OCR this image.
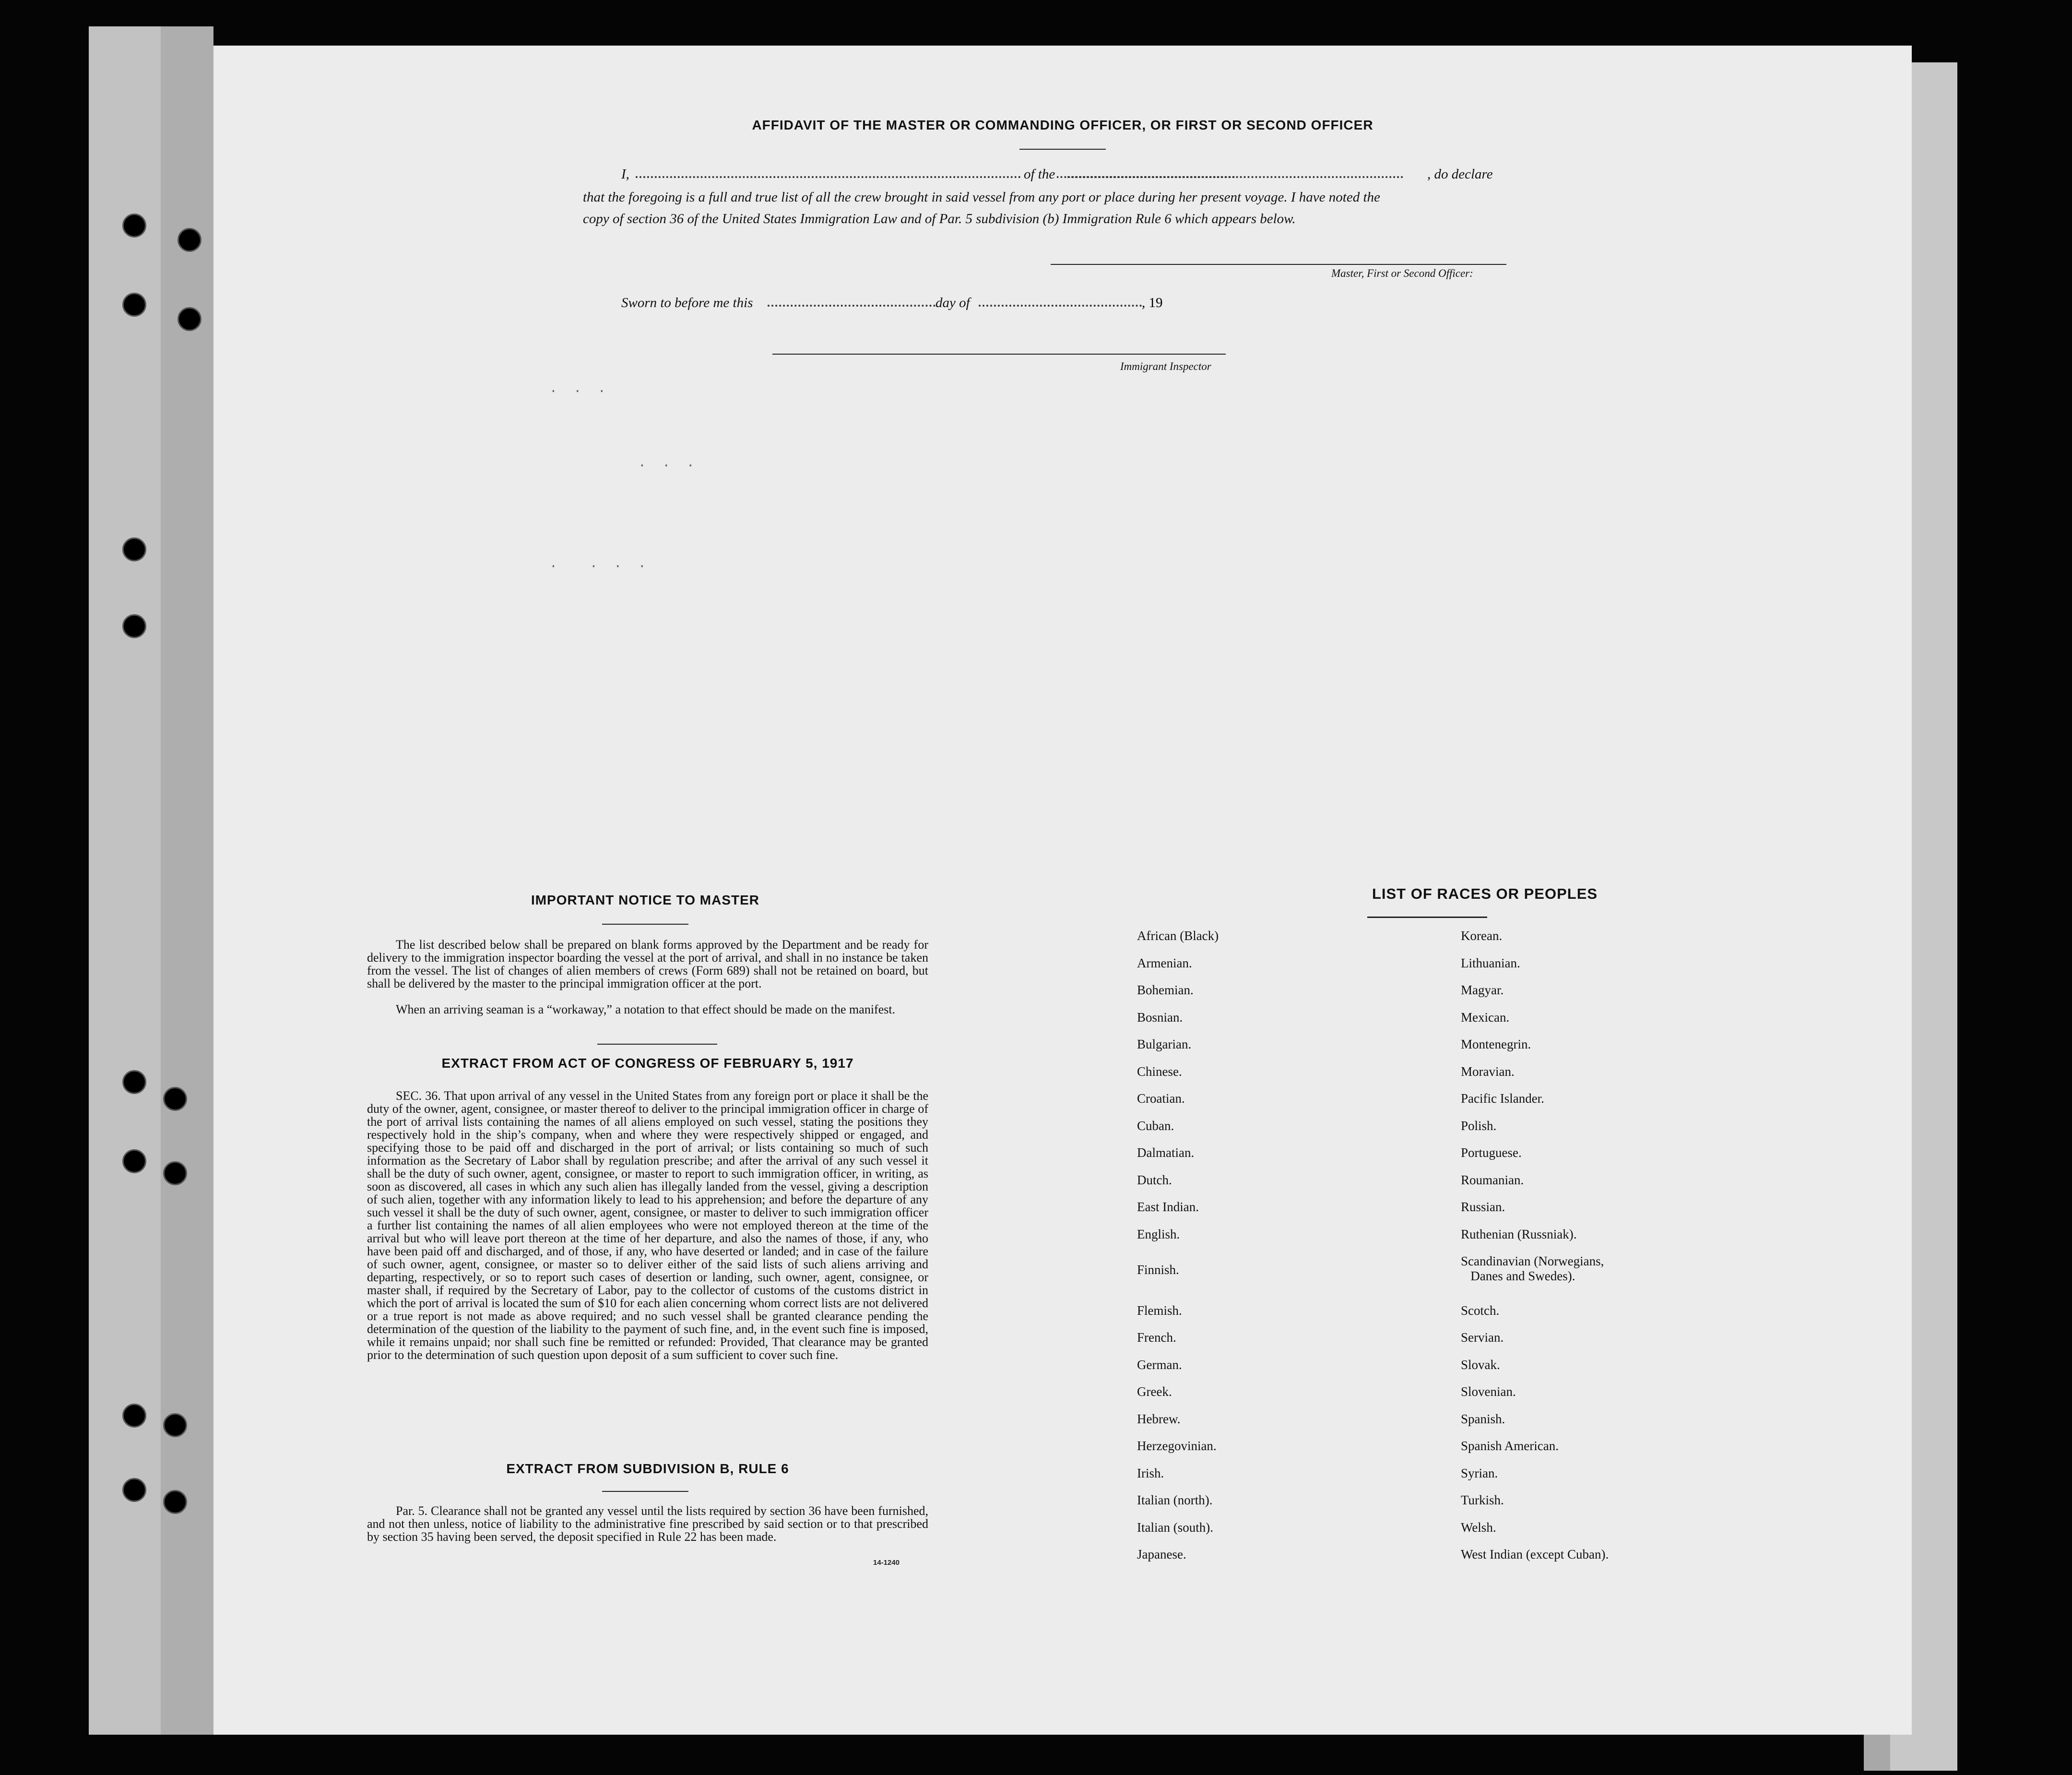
AFFIDAVIT OF THE MASTER OR COMMANDING OFFICER, OR FIRST OR SECOND OFFICER
I,	of the	, do declare
that the foregoing is a full and true list of all the crew brought in said vessel from any port or place during her present voyage. I have noted the
copy of section 36 of the United States Immigration Law and of Par. 5 subdivision (b) Immigration Rule 6 which appears below.
Master, First or Second Officer:
Sworn to before me this	day of	, 19
Immigrant Inspector
.  .  .
.  .  .
.    .  .  .
IMPORTANT NOTICE TO MASTER
The list described below shall be prepared on blank forms approved by the Department and be ready for delivery to the immigration inspector boarding the vessel at the port of arrival, and shall in no instance be taken from the vessel. The list of changes of alien members of crews (Form 689) shall not be retained on board, but shall be delivered by the master to the principal immigration officer at the port.
When an arriving seaman is a “workaway,” a notation to that effect should be made on the manifest.
EXTRACT FROM ACT OF CONGRESS OF FEBRUARY 5, 1917
SEC. 36. That upon arrival of any vessel in the United States from any foreign port or place it shall be the duty of the owner, agent, consignee, or master thereof to deliver to the principal immigration officer in charge of the port of arrival lists containing the names of all aliens employed on such vessel, stating the positions they respectively hold in the ship’s company, when and where they were respectively shipped or engaged, and specifying those to be paid off and discharged in the port of arrival; or lists containing so much of such information as the Secretary of Labor shall by regulation prescribe; and after the arrival of any such vessel it shall be the duty of such owner, agent, consignee, or master to report to such immigration officer, in writing, as soon as discovered, all cases in which any such alien has illegally landed from the vessel, giving a description of such alien, together with any information likely to lead to his apprehension; and before the departure of any such vessel it shall be the duty of such owner, agent, consignee, or master to deliver to such immigration officer a further list containing the names of all alien employees who were not employed thereon at the time of the arrival but who will leave port thereon at the time of her departure, and also the names of those, if any, who have been paid off and discharged, and of those, if any, who have deserted or landed; and in case of the failure of such owner, agent, consignee, or master so to deliver either of the said lists of such aliens arriving and departing, respectively, or so to report such cases of desertion or landing, such owner, agent, consignee, or master shall, if required by the Secretary of Labor, pay to the collector of customs of the customs district in which the port of arrival is located the sum of $10 for each alien concerning whom correct lists are not delivered or a true report is not made as above required; and no such vessel shall be granted clearance pending the determination of the question of the liability to the payment of such fine, and, in the event such fine is imposed, while it remains unpaid; nor shall such fine be remitted or refunded: Provided, That clearance may be granted prior to the determination of such question upon deposit of a sum sufficient to cover such fine.
EXTRACT FROM SUBDIVISION B, RULE 6
Par. 5. Clearance shall not be granted any vessel until the lists required by section 36 have been furnished, and not then unless, notice of liability to the administrative fine prescribed by said section or to that prescribed by section 35 having been served, the deposit specified in Rule 22 has been made.
14-1240
LIST OF RACES OR PEOPLES
African (Black)
Armenian.
Bohemian.
Bosnian.
Bulgarian.
Chinese.
Croatian.
Cuban.
Dalmatian.
Dutch.
East Indian.
English.
Finnish.
Flemish.
French.
German.
Greek.
Hebrew.
Herzegovinian.
Irish.
Italian (north).
Italian (south).
Japanese.
Korean.
Lithuanian.
Magyar.
Mexican.
Montenegrin.
Moravian.
Pacific Islander.
Polish.
Portuguese.
Roumanian.
Russian.
Ruthenian (Russniak).
Scandinavian (Norwegians,
Danes and Swedes).
Scotch.
Servian.
Slovak.
Slovenian.
Spanish.
Spanish American.
Syrian.
Turkish.
Welsh.
West Indian (except Cuban).
